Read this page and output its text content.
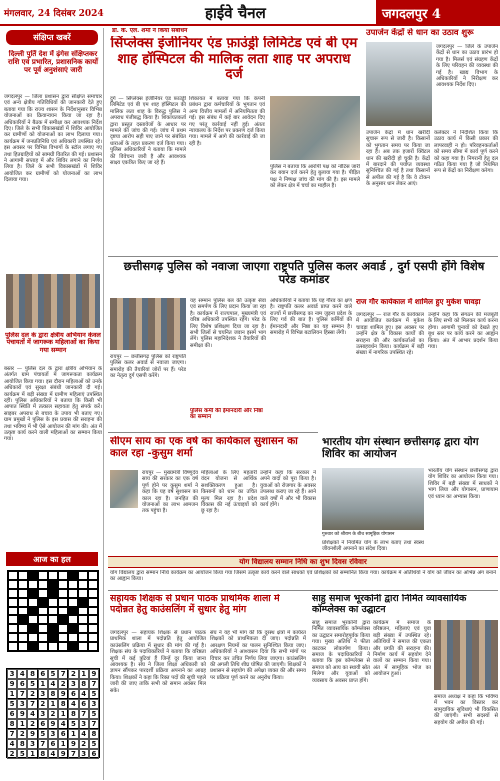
मंगलवार, 24 दिसंबर 2024	हाईवे चैनल	जगदलपुर 4
संक्षिप्त खबरें
दिल्ली पुर्ति देश में ढ़ंगेस संक्षिप्तकर राशि एवं प्रभारित, प्रशासनिक कार्यो पर पूर्व अनुशंसाएं जारी
जगदलपुर — जिला प्रशासन द्वारा संक्षिप्त समाचार एवं अन्य क्षेत्रीय गतिविधियों की जानकारी देते हुए बताया गया कि राज्य शासन के निर्देशानुसार विभिन्न योजनाओं का क्रियान्वयन किया जा रहा है। अधिकारियों ने बैठक में समीक्षा कर आवश्यक निर्देश दिए। जिले के सभी विकासखंडों में शिविर आयोजित कर ग्रामीणों को योजनाओं का लाभ दिलाया गया। कार्यक्रम में जनप्रतिनिधि एवं अधिकारी उपस्थित रहे। इस अवसर पर विभिन्न विभागों के स्टॉल लगाए गए तथा हितग्राहियों को सामग्री वितरित की गई। प्रशासन ने आगामी सप्ताह में और शिविर लगाने का निर्णय लिया है। जिले के सभी विकासखंडों में शिविर आयोजित कर ग्रामीणों को योजनाओं का लाभ दिलाया गया।
पुलिस दल के द्वारा क्षेत्रीय अभियान केवल पंचायतों में जागरूक महिलाओं का किया गया सम्मान
बस्तर — पुलिस दल के द्वारा क्षेत्रीय अभियान के अंतर्गत ग्राम पंचायतों में जागरूकता कार्यक्रम आयोजित किया गया। इस दौरान महिलाओं को उनके अधिकारों एवं सुरक्षा संबंधी जानकारी दी गई। कार्यक्रम में बड़ी संख्या में ग्रामीण महिलाएं उपस्थित रहीं। पुलिस अधिकारियों ने बताया कि किसी भी आपात स्थिति में तत्काल सहायता हेतु संपर्क करें। साइबर अपराध से बचाव के उपाय भी बताए गए। ग्राम प्रमुखों ने पुलिस के इस प्रयास की सराहना की तथा भविष्य में भी ऐसे आयोजन की मांग की। अंत में उत्कृष्ट कार्य करने वाली महिलाओं का सम्मान किया गया।
आज का हल
3 4 8 6 5 7 2 1 9
9 6 5 1 4 2 3 8 7
1 7 2 3 8 9 6 4 5
5 3 7 2 1 8 4 6 3
6 9 4 3 2 1 8 7 5
8 1 2 6 9 4 5 3 7
7 2 9 5 3 6 1 4 8
4 8 3 7 6 1 9 2 5
2 5 1 8 4 9 7 3 6
डॉ. के. एल. शर्मा ने किया संबोधन
सिंप्लेक्स इंजीनियर एंड फ़ाउंड्री लिमिटेड एवं बी एम शाह हॉस्पिटल की मालिक लता शाह पर अपराध दर्ज
दुर्ग — सिंप्लेक्स इंजीनियर एंड फ़ाउंड्री लिमिटेड एवं बी एम शाह हॉस्पिटल की मालिक लता शाह के विरुद्ध पुलिस ने अपराध पंजीबद्ध किया है। शिकायतकर्ता द्वारा प्रस्तुत दस्तावेजों के आधार पर मामले की जांच की गई। जांच में प्रथम दृष्टया आरोप सही पाए जाने पर संबंधित धाराओं के तहत प्रकरण दर्ज किया गया। पुलिस अधिकारियों ने बताया कि मामले की विवेचना जारी है और आवश्यक साक्ष्य एकत्रित किए जा रहे हैं।
शिकायत में बताया गया कि कंपनी प्रबंधन द्वारा कर्मचारियों के भुगतान एवं अन्य वित्तीय मामलों में अनियमितता की गई। इस संबंध में कई बार आवेदन दिए गए परंतु कार्रवाई नहीं हुई। अंततः न्यायालय के निर्देश पर प्रकरण दर्ज किया गया। मामले में आगे की कार्रवाई की जा रही है।
पुलिस ने बताया कि आरोपी पक्ष को नोटिस जारी कर बयान दर्ज करने हेतु बुलाया गया है। पीड़ित पक्ष ने निष्पक्ष जांच की मांग की है। इस मामले को लेकर क्षेत्र में चर्चा का माहौल है।
उपार्जन केंद्रों से धान का उठाव शुरू
जगदलपुर — जिले के उपार्जन केंद्रों से धान का उठाव प्रारंभ हो गया है। मिलर्स एवं संग्रहण केंद्रों के लिए परिवहन की व्यवस्था की गई है। खाद्य विभाग के अधिकारियों ने निरीक्षण कर आवश्यक निर्देश दिए।
उपार्जन केंद्रों में धान खरीदी सुचारू रूप से जारी है। किसानों को भुगतान समय पर किया जा रहा है। अब तक हजारों क्विंटल धान की खरीदी हो चुकी है। केंद्रों में बारदाने की पर्याप्त व्यवस्था सुनिश्चित की गई है तथा किसानों से अपील की गई है कि वे टोकन के अनुसार धान लेकर आएं।
कलेक्टर ने निर्देशित किया कि उठाव कार्य में किसी प्रकार की लापरवाही न हो। परिवहनकर्ताओं को समय सीमा में कार्य पूर्ण करने को कहा गया है। निगरानी हेतु दल गठित किया गया है जो नियमित रूप से केंद्रों का निरीक्षण करेगा।
छत्तीसगढ़ पुलिस को नवाजा जाएगा राष्ट्रपति पुलिस कलर अवार्ड , दुर्ग एसपी होंगे विशेष परेड कमांडर
रायपुर — छत्तीसगढ़ पुलिस को राष्ट्रपति पुलिस कलर अवार्ड से नवाजा जाएगा। समारोह की तैयारियां जोरों पर हैं। परेड का नेतृत्व दुर्ग एसपी करेंगे।
यह सम्मान पुलिस बल की उत्कृष्ट सेवा एवं समर्पण के लिए प्रदान किया जा रहा है। कार्यक्रम में राज्यपाल, मुख्यमंत्री एवं वरिष्ठ अधिकारी उपस्थित रहेंगे। परेड के लिए विशेष प्रशिक्षण दिया जा रहा है। सभी जिलों से चयनित जवान इसमें भाग लेंगे। पुलिस महानिदेशक ने तैयारियों की समीक्षा की।
पुलिस कर्मी की ईमानदारी और निष्ठा का सम्मान
अधिकारियों ने बताया कि यह गौरव का क्षण है। राष्ट्रपति कलर अवार्ड प्राप्त करने वाले राज्यों में छत्तीसगढ़ का नाम जुड़ना प्रदेश के लिए गर्व की बात है। पुलिस कर्मियों की ईमानदारी और निष्ठा का यह सम्मान है। समारोह में विभिन्न बटालियन हिस्सा लेंगी।
राज गौर कार्यकाल में शामिल हुए मुकेश चावड़ा
जगदलपुर — राज गौर के कार्यकाल में आयोजित कार्यक्रम में मुकेश चावड़ा शामिल हुए। इस अवसर पर उन्होंने क्षेत्र के विकास कार्यों की सराहना की और कार्यकर्ताओं का उत्साहवर्धन किया। कार्यक्रम में बड़ी संख्या में नागरिक उपस्थित रहे।
उन्होंने कहा कि संगठन की मजबूती के लिए सभी को मिलकर कार्य करना होगा। आगामी चुनावों को देखते हुए बूथ स्तर पर कार्य करने का आह्वान किया। अंत में आभार प्रदर्शन किया गया।
सीएम साय का एक वर्ष का कार्यकाल सुशासन का काल रहा -कुसुम शर्मा
रायपुर — मुख्यमंत्री विष्णुदेव साय की सरकार का एक वर्ष पूर्ण होने पर कुसुम शर्मा ने कहा कि यह वर्ष सुशासन का काल रहा है। जनहित की योजनाओं का लाभ आमजन तक पहुंचा है।
महिलाओं के लिए महतारी वंदन योजना से आर्थिक सशक्तिकरण हुआ है। किसानों को धान का उचित मूल्य मिल रहा है। प्रदेश विकास की नई ऊंचाइयों को छू रहा है।
उन्होंने कहा कि सरकार ने अपने वादों को पूरा किया है। युवाओं को रोजगार के अवसर उपलब्ध कराए जा रहे हैं। आने वाले वर्षों में और भी विकास कार्य होंगे।
भारतीय योग संस्थान छत्तीसगढ़ द्वारा योग शिविर का आयोजन
गुरुवार को श्रीराम के बीच सामूहिक योगासन
भारतीय योग संस्थान छत्तीसगढ़ द्वारा योग शिविर का आयोजन किया गया। शिविर में बड़ी संख्या में साधकों ने भाग लिया और योगासन, प्राणायाम एवं ध्यान का अभ्यास किया।
प्रशिक्षकों ने नियमित योग के लाभ बताए तथा स्वस्थ जीवनशैली अपनाने का संदेश दिया।
योग विद्यालय सम्मान निधि का शुभ दिवस रविवार
योग विद्यालय द्वारा सम्मान निधि कार्यक्रम का आयोजन किया गया जिसमें उत्कृष्ट कार्य करने वाले साधकों एवं प्रशिक्षकों को सम्मानित किया गया। कार्यक्रम में अतिथियों ने योग को जीवन का अभिन्न अंग बनाने का आह्वान किया।
सहायक शिक्षक से प्रधान पाठक प्राथमिक शाला में पदोन्नत हेतु काउंसलिंग में सुधार हेतु मांग
जगदलपुर — सहायक शिक्षक से प्रधान पाठक प्राथमिक शाला में पदोन्नति हेतु आयोजित काउंसलिंग प्रक्रिया में सुधार की मांग की गई है। शिक्षक संघ के पदाधिकारियों ने बताया कि वरिष्ठता सूची में कई त्रुटियां हैं जिन्हें दूर किया जाना आवश्यक है। संघ ने जिला शिक्षा अधिकारी को ज्ञापन सौंपकर पारदर्शी प्रक्रिया अपनाने का आग्रह किया। शिक्षकों ने कहा कि रिक्त पदों की सूची पहले जारी की जाए ताकि सभी को समान अवसर मिल सके।
संघ ने यह भी मांग की कि दूरस्थ क्षेत्रों में कार्यरत शिक्षकों को प्राथमिकता दी जाए। पदोन्नति में आरक्षण नियमों का पालन सुनिश्चित किया जाए। अधिकारियों ने आश्वासन दिया कि सभी मांगों पर विचार कर उचित निर्णय लिया जाएगा। काउंसलिंग की अगली तिथि शीघ्र घोषित की जाएगी। शिक्षकों ने प्रशासन से सहयोग की अपेक्षा व्यक्त की और समय पर प्रक्रिया पूर्ण करने का अनुरोध किया।
साहु समाज भूरकोनी द्वारा निर्मित व्यावसायिक कॉम्प्लेक्स का उद्घाटन
साहु समाज भूरकोनी द्वारा निर्मित व्यावसायिक कॉम्प्लेक्स का उद्घाटन समारोहपूर्वक किया गया। मुख्य अतिथि ने फीता काटकर लोकार्पण किया। समाज के पदाधिकारियों ने बताया कि इस कॉम्प्लेक्स से समाज को आय का स्थायी स्रोत मिलेगा और युवाओं को व्यवसाय के अवसर प्राप्त होंगे।
कार्यक्रम में समाज के वरिष्ठजन, महिलाएं एवं युवा बड़ी संख्या में उपस्थित रहे। अतिथियों ने समाज की एकता और प्रगति की सराहना की। निर्माण कार्य में सहयोग देने वालों का सम्मान किया गया। अंत में सामूहिक भोज का आयोजन हुआ।
समाज अध्यक्ष ने कहा कि भविष्य में भवन का विस्तार कर सामुदायिक सुविधाएं भी विकसित की जाएंगी। सभी सदस्यों से सहयोग की अपील की गई।
